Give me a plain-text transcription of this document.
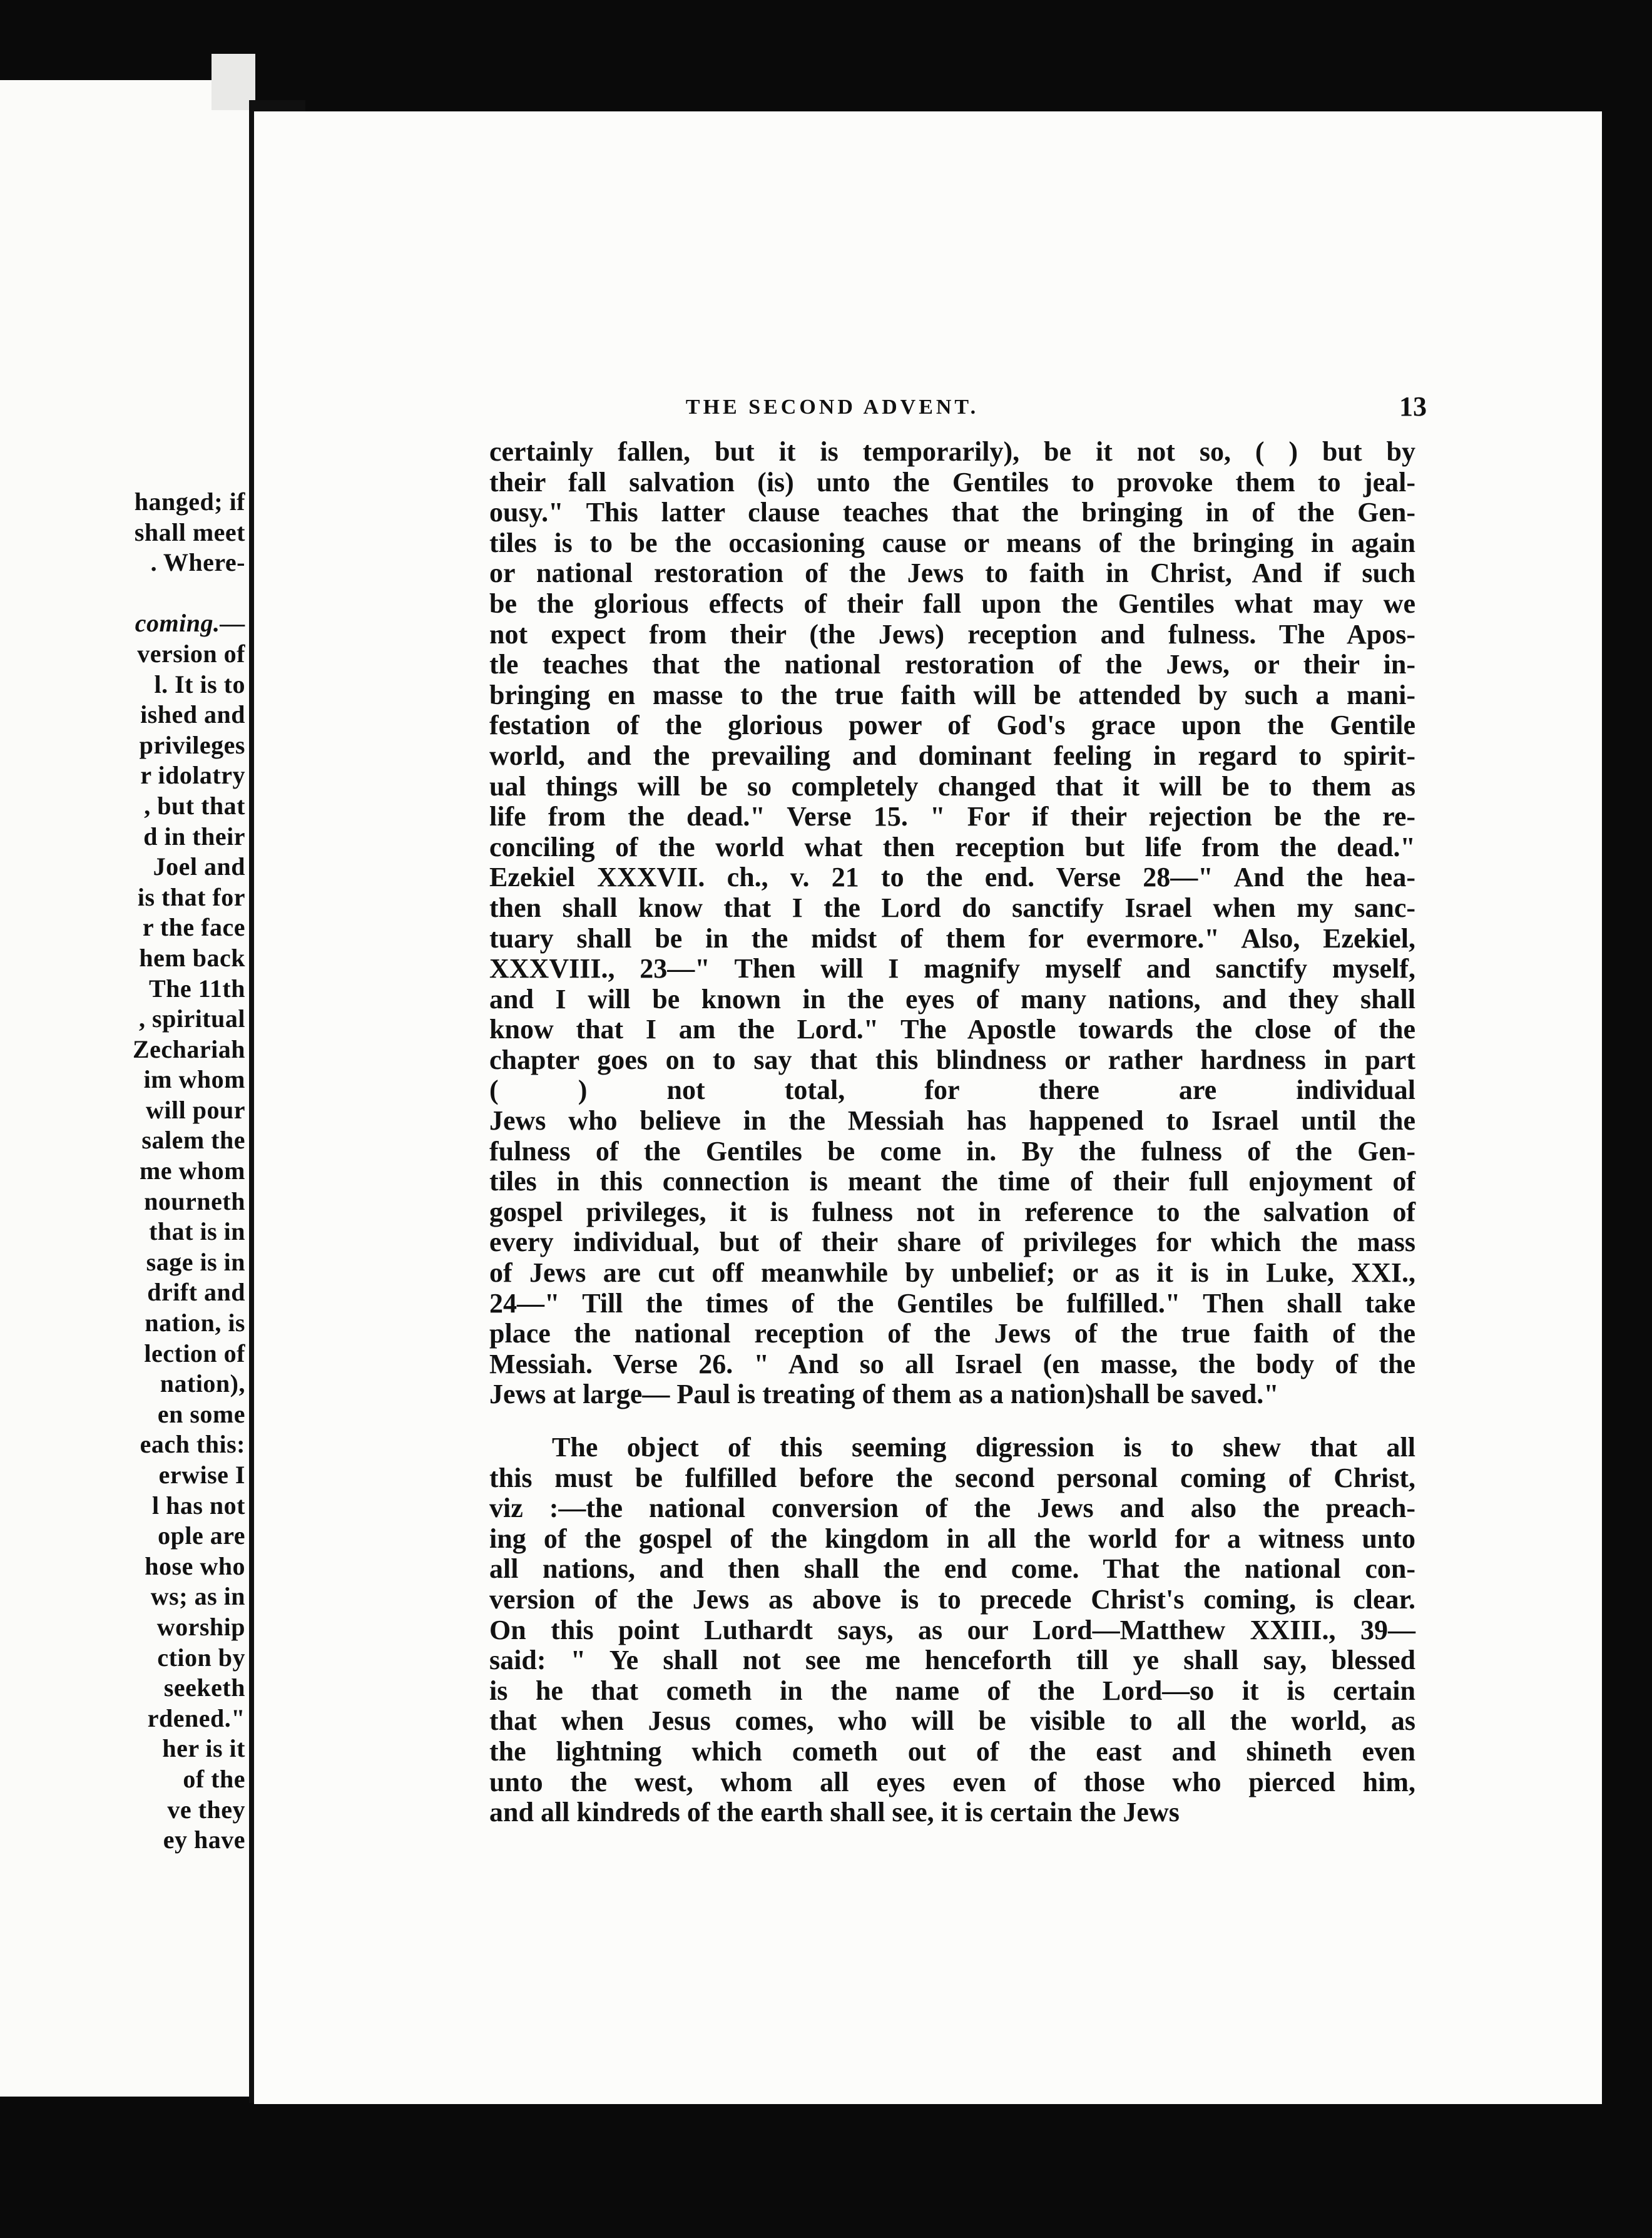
hanged; if
shall meet
. Where-
coming.—
version of
l. It is to
ished and
privileges
r idolatry
, but that
d in their
Joel and
is that for
r the face
hem back
The 11th
, spiritual
Zechariah
im whom
will pour
salem the
me whom
nourneth
that is in
sage is in
drift and
nation, is
lection of
nation),
en some
each this:
erwise I
l has not
ople are
hose who
ws; as in
worship
ction by
seeketh
rdened."
her is it
of the
ve they
ey have
THE SECOND ADVENT.	13
certainly fallen, but it is temporarily), be it not so, ( ) but by
their fall salvation (is) unto the Gentiles to provoke them to jeal-
ousy." This latter clause teaches that the bringing in of the Gen-
tiles is to be the occasioning cause or means of the bringing in again
or national restoration of the Jews to faith in Christ, And if such
be the glorious effects of their fall upon the Gentiles what may we
not expect from their (the Jews) reception and fulness. The Apos-
tle teaches that the national restoration of the Jews, or their in-
bringing en masse to the true faith will be attended by such a mani-
festation of the glorious power of God's grace upon the Gentile
world, and the prevailing and dominant feeling in regard to spirit-
ual things will be so completely changed that it will be to them as
life from the dead." Verse 15. " For if their rejection be the re-
conciling of the world what then reception but life from the dead."
Ezekiel XXXVII. ch., v. 21 to the end. Verse 28—" And the hea-
then shall know that I the Lord do sanctify Israel when my sanc-
tuary shall be in the midst of them for evermore." Also, Ezekiel,
XXXVIII., 23—" Then will I magnify myself and sanctify myself,
and I will be known in the eyes of many nations, and they shall
know that I am the Lord." The Apostle towards the close of the
chapter goes on to say that this blindness or rather hardness in part
( ) not total, for there are individual
Jews who believe in the Messiah has happened to Israel until the
fulness of the Gentiles be come in. By the fulness of the Gen-
tiles in this connection is meant the time of their full enjoyment of
gospel privileges, it is fulness not in reference to the salvation of
every individual, but of their share of privileges for which the mass
of Jews are cut off meanwhile by unbelief; or as it is in Luke, XXI.,
24—" Till the times of the Gentiles be fulfilled." Then shall take
place the national reception of the Jews of the true faith of the
Messiah. Verse 26. " And so all Israel (en masse, the body of the
Jews at large— Paul is treating of them as a nation)shall be saved."
The object of this seeming digression is to shew that all
this must be fulfilled before the second personal coming of Christ,
viz :—the national conversion of the Jews and also the preach-
ing of the gospel of the kingdom in all the world for a witness unto
all nations, and then shall the end come. That the national con-
version of the Jews as above is to precede Christ's coming, is clear.
On this point Luthardt says, as our Lord—Matthew XXIII., 39—
said: " Ye shall not see me henceforth till ye shall say, blessed
is he that cometh in the name of the Lord—so it is certain
that when Jesus comes, who will be visible to all the world, as
the lightning which cometh out of the east and shineth even
unto the west, whom all eyes even of those who pierced him,
and all kindreds of the earth shall see, it is certain the Jews
